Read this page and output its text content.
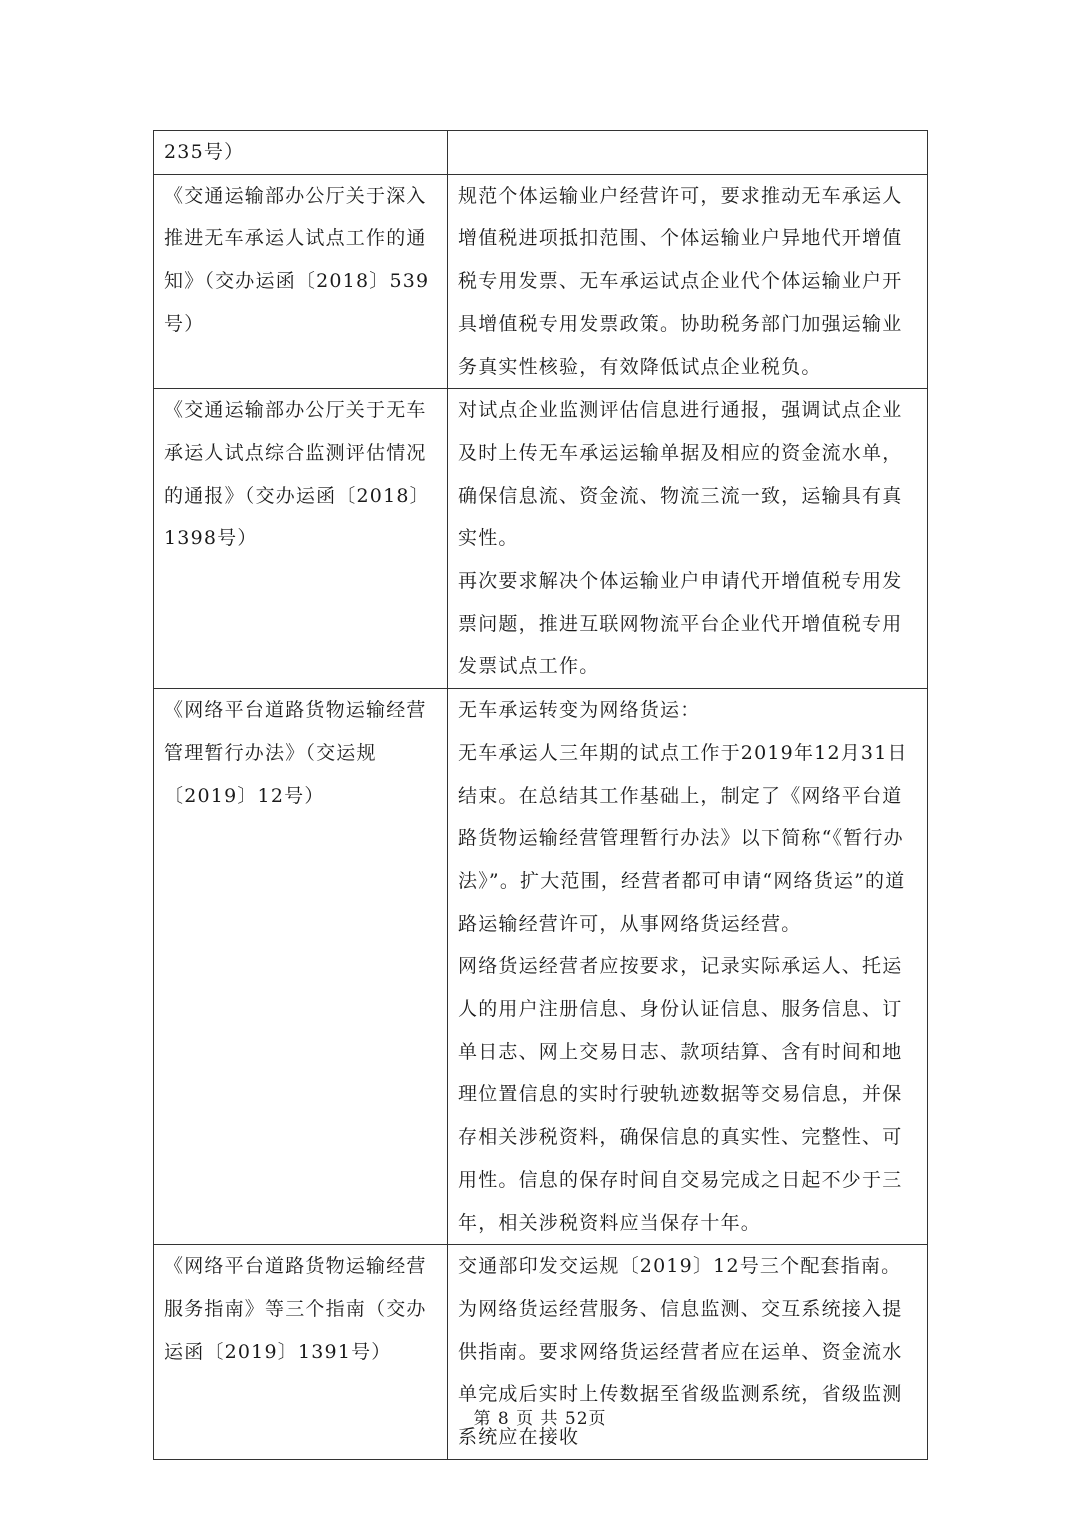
235号）	

《交通运输部办公厅关于深入推进无车承运人试点工作的通知》（交办运函〔2018〕539号）	规范个体运输业户经营许可，要求推动无车承运人增值税进项抵扣范围、个体运输业户异地代开增值税专用发票、无车承运试点企业代个体运输业户开具增值税专用发票政策。协助税务部门加强运输业务真实性核验，有效降低试点企业税负。

《交通运输部办公厅关于无车承运人试点综合监测评估情况的通报》（交办运函〔2018〕1398号）	对试点企业监测评估信息进行通报，强调试点企业及时上传无车承运运输单据及相应的资金流水单，确保信息流、资金流、物流三流一致，运输具有真实性。

再次要求解决个体运输业户申请代开增值税专用发票问题，推进互联网物流平台企业代开增值税专用发票试点工作。

《网络平台道路货物运输经营管理暂行办法》（交运规〔2019〕12号）	无车承运转变为网络货运：

无车承运人三年期的试点工作于2019年12月31日结束。在总结其工作基础上，制定了《网络平台道路货物运输经营管理暂行办法》以下简称“《暂行办法》”。扩大范围，经营者都可申请“网络货运”的道路运输经营许可，从事网络货运经营。

网络货运经营者应按要求，记录实际承运人、托运人的用户注册信息、身份认证信息、服务信息、订单日志、网上交易日志、款项结算、含有时间和地理位置信息的实时行驶轨迹数据等交易信息，并保存相关涉税资料，确保信息的真实性、完整性、可用性。信息的保存时间自交易完成之日起不少于三年，相关涉税资料应当保存十年。

《网络平台道路货物运输经营服务指南》等三个指南（交办运函〔2019〕1391号）	交通部印发交运规〔2019〕12号三个配套指南。为网络货运经营服务、信息监测、交互系统接入提供指南。要求网络货运经营者应在运单、资金流水单完成后实时上传数据至省级监测系统，省级监测系统应在接收

第 8 页 共 52页
